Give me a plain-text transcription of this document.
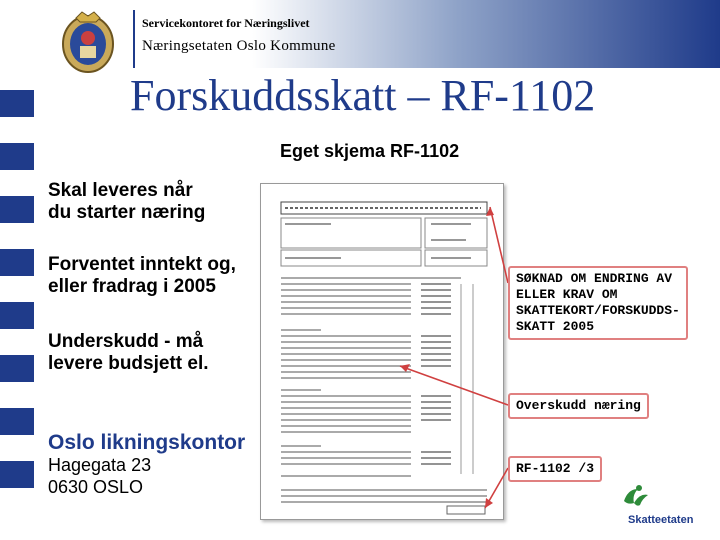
Servicekontoret for Næringslivet
Næringsetaten Oslo Kommune
Forskuddsskatt – RF-1102
Eget skjema RF-1102
Skal leveres når
du starter næring
Forventet inntekt og,
eller fradrag i 2005
Underskudd - må
levere budsjett el.
Oslo likningskontor
Hagegata 23
0630 OSLO
SØKNAD OM ENDRING AV
ELLER KRAV OM
SKATTEKORT/FORSKUDDS-
SKATT 2005
Overskudd næring
RF-1102 /3
Skatteetaten
